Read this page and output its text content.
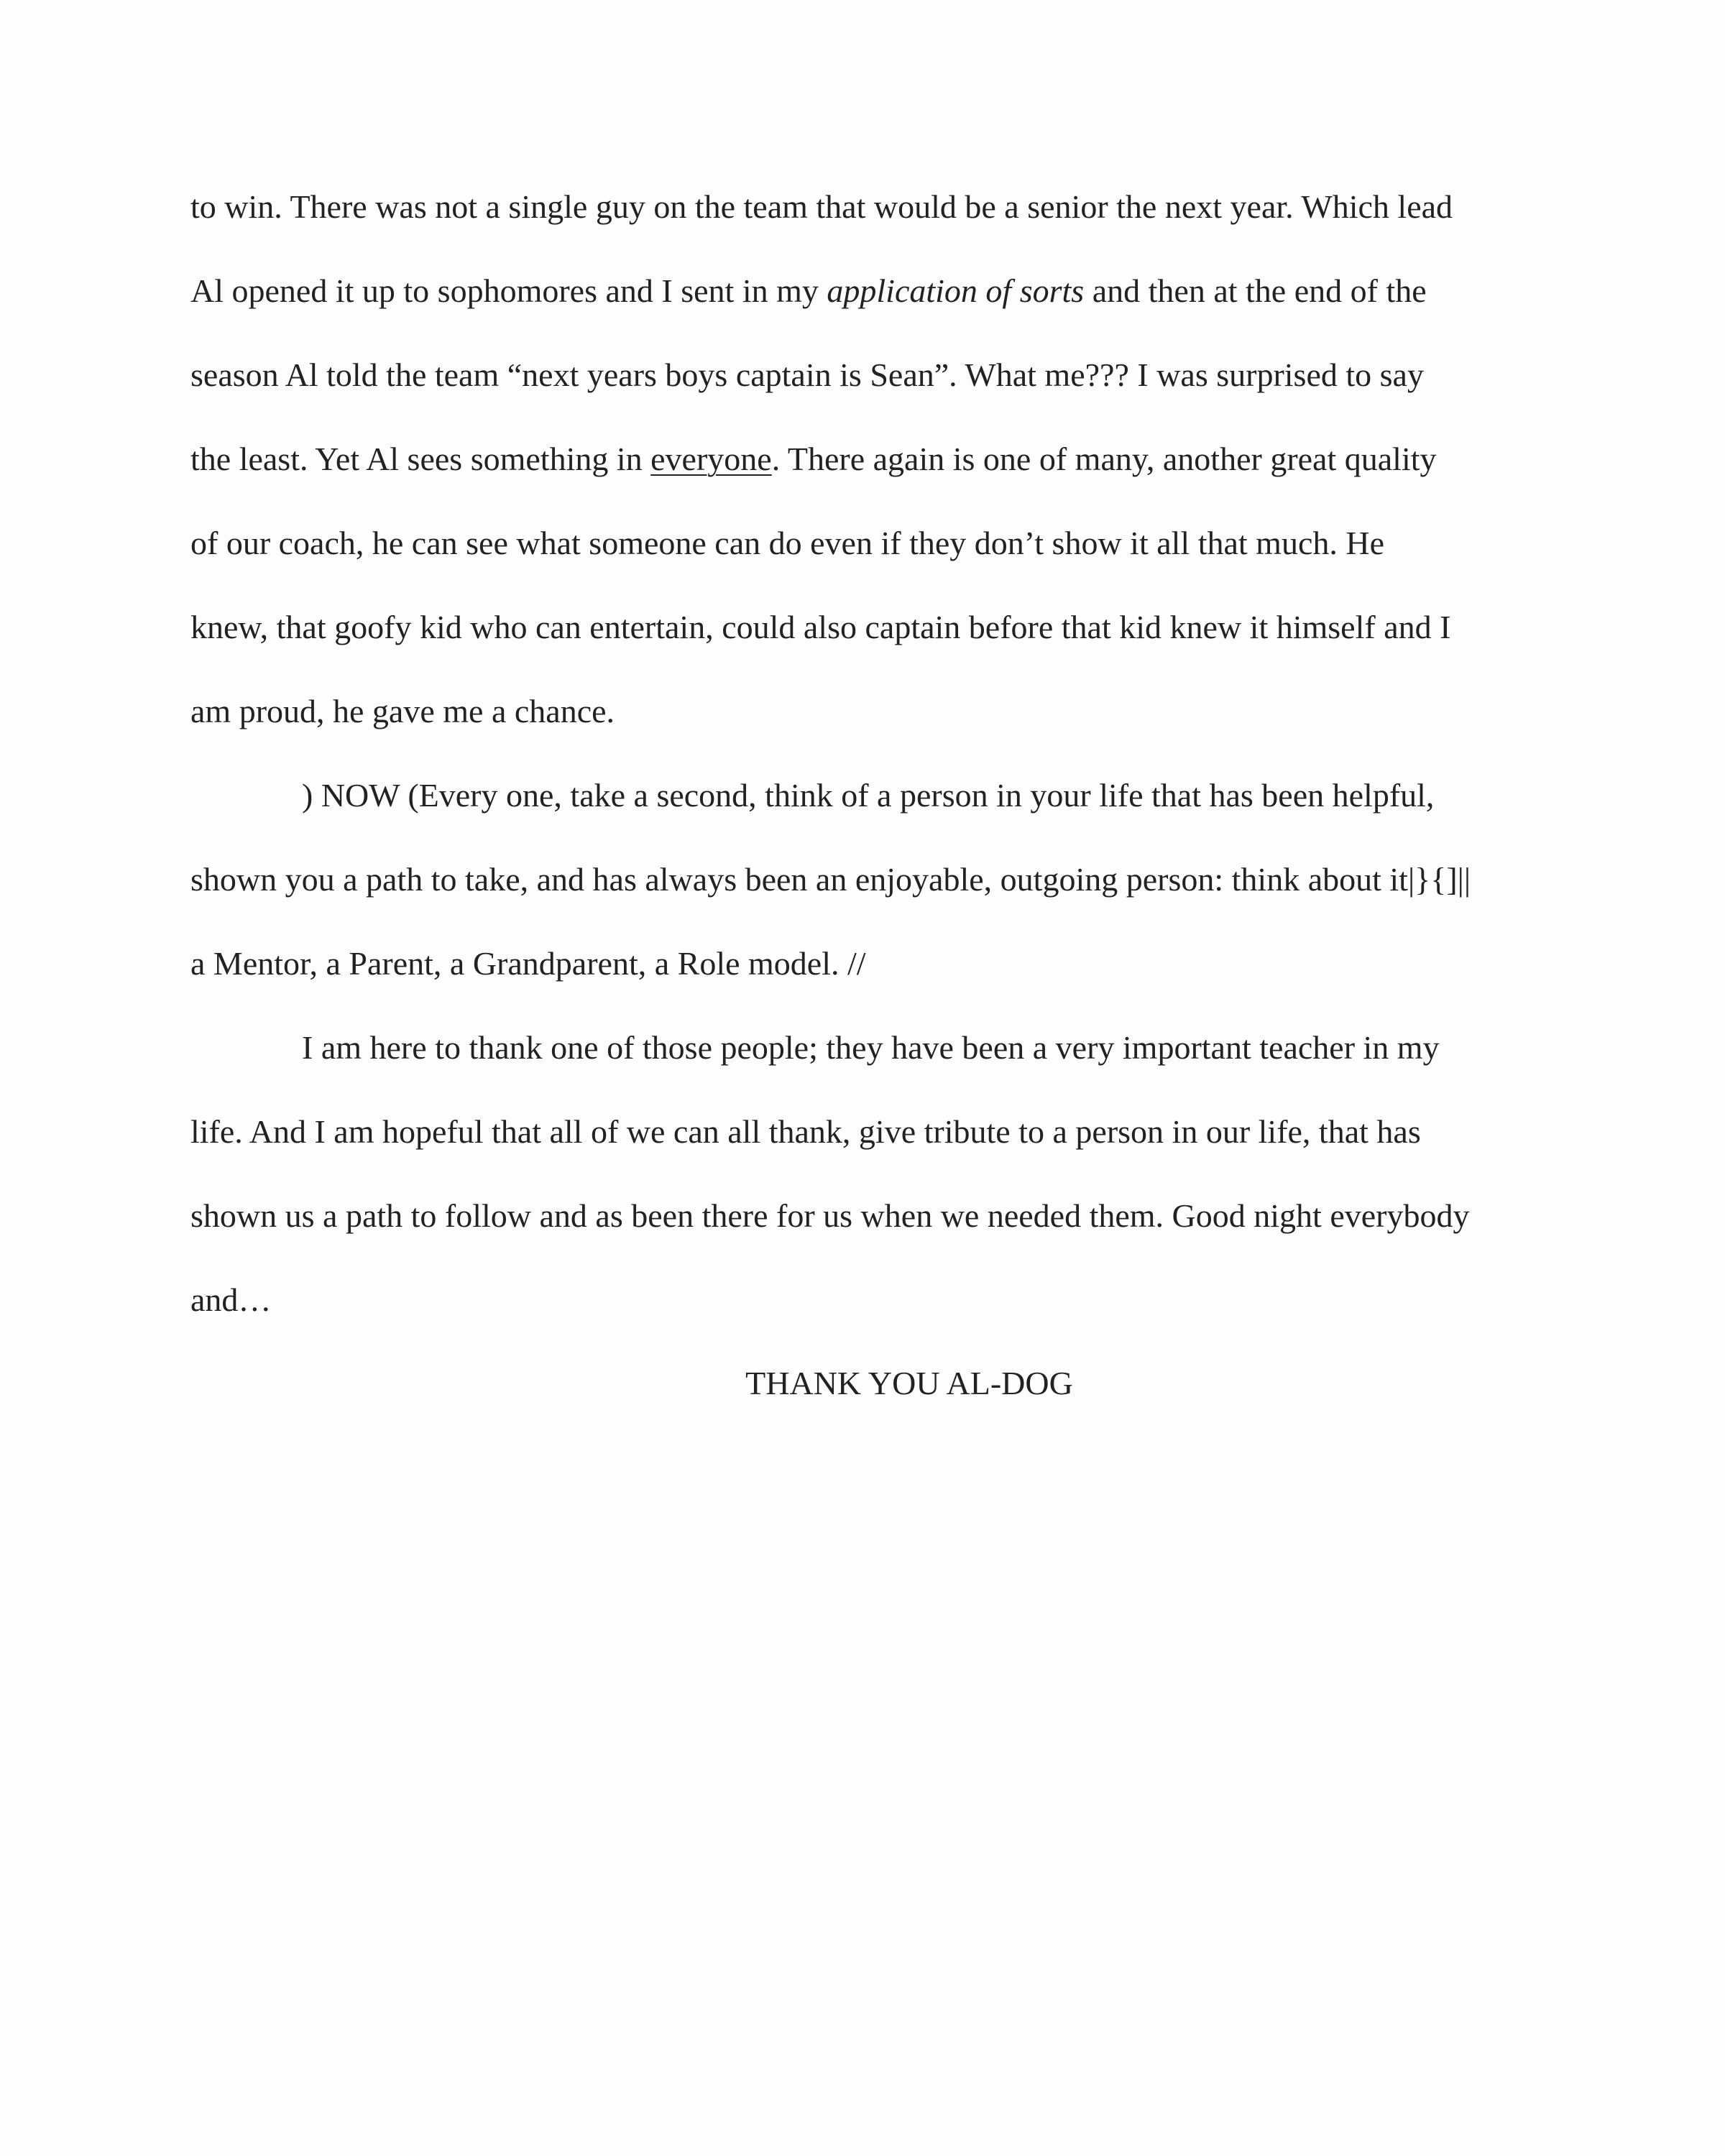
to win. There was not a single guy on the team that would be a senior the next year. Which lead
Al opened it up to sophomores and I sent in my application of sorts and then at the end of the
season Al told the team “next years boys captain is Sean”. What me??? I was surprised to say
the least. Yet Al sees something in everyone. There again is one of many, another great quality
of our coach, he can see what someone can do even if they don’t show it all that much. He
knew, that goofy kid who can entertain, could also captain before that kid knew it himself and I
am proud, he gave me a chance.
) NOW (Every one, take a second, think of a person in your life that has been helpful,
shown you a path to take, and has always been an enjoyable, outgoing person: think about it|}{]||
a Mentor, a Parent, a Grandparent, a Role model. //
I am here to thank one of those people; they have been a very important teacher in my
life. And I am hopeful that all of we can all thank, give tribute to a person in our life, that has
shown us a path to follow and as been there for us when we needed them. Good night everybody
and…
THANK YOU AL-DOG
